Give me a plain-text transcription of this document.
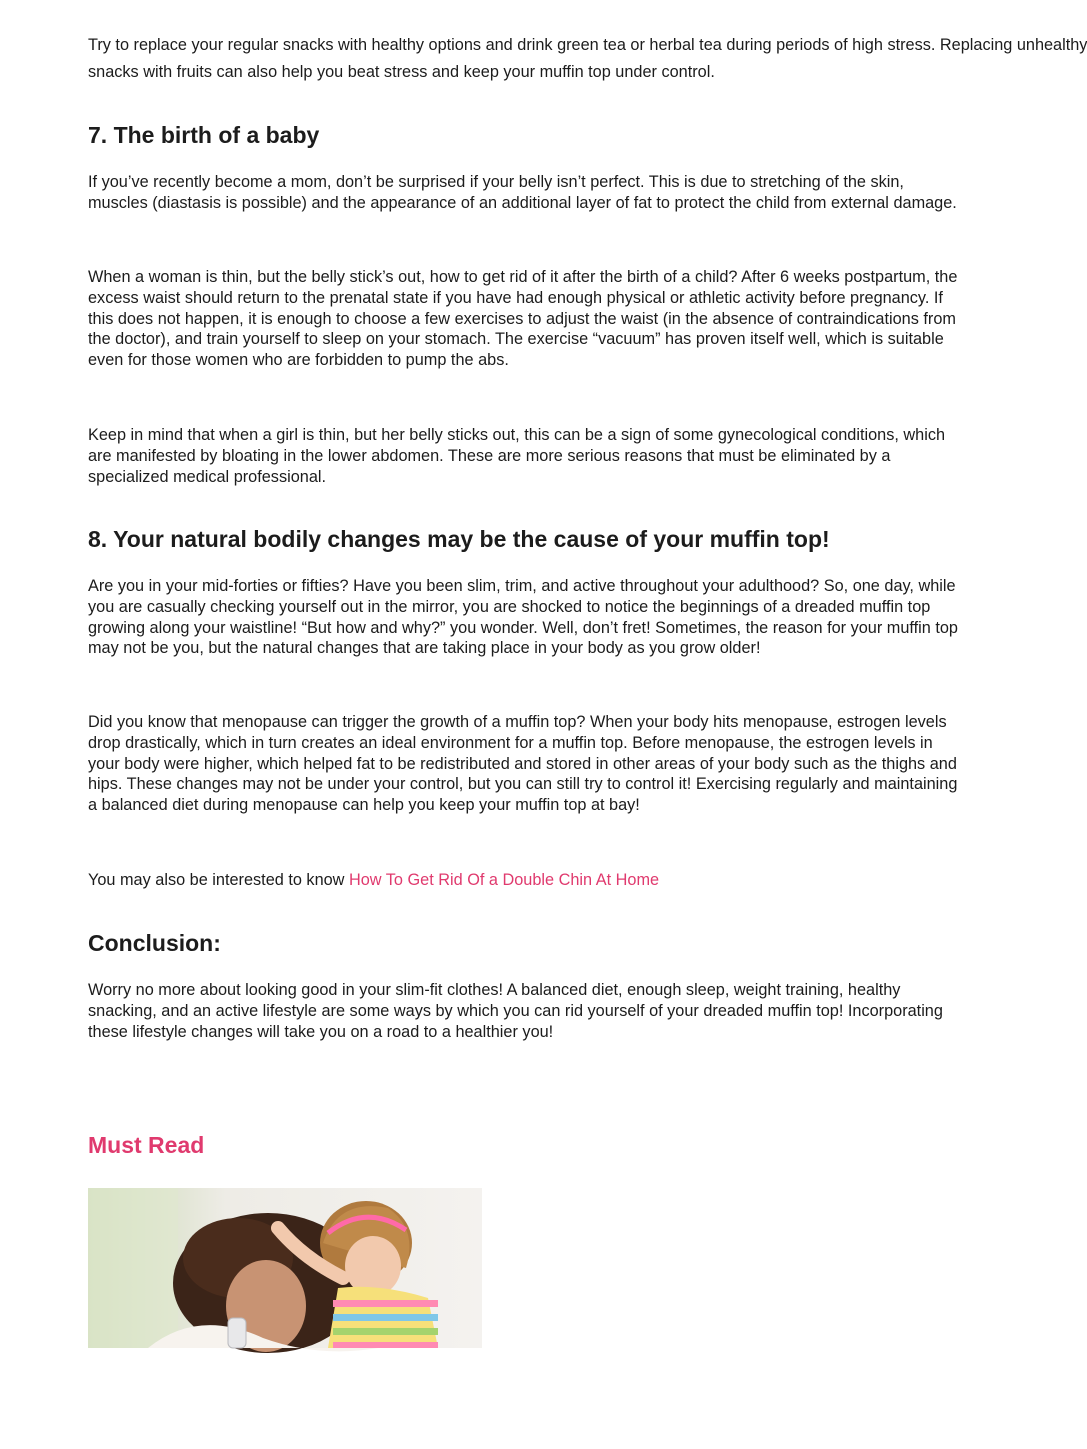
Try to replace your regular snacks with healthy options and drink green tea or herbal tea during periods of high stress. Replacing unhealthy

snacks with fruits can also help you beat stress and keep your muffin top under control.

7. The birth of a baby

If you’ve recently become a mom, don’t be surprised if your belly isn’t perfect. This is due to stretching of the skin, muscles (diastasis is possible) and the appearance of an additional layer of fat to protect the child from external damage.

When a woman is thin, but the belly stick’s out, how to get rid of it after the birth of a child? After 6 weeks postpartum, the excess waist should return to the prenatal state if you have had enough physical or athletic activity before pregnancy. If this does not happen, it is enough to choose a few exercises to adjust the waist (in the absence of contraindications from the doctor), and train yourself to sleep on your stomach. The exercise “vacuum” has proven itself well, which is suitable even for those women who are forbidden to pump the abs.

Keep in mind that when a girl is thin, but her belly sticks out, this can be a sign of some gynecological conditions, which are manifested by bloating in the lower abdomen. These are more serious reasons that must be eliminated by a specialized medical professional.

8. Your natural bodily changes may be the cause of your muffin top!

Are you in your mid-forties or fifties? Have you been slim, trim, and active throughout your adulthood? So, one day, while you are casually checking yourself out in the mirror, you are shocked to notice the beginnings of a dreaded muffin top growing along your waistline! “But how and why?” you wonder. Well, don’t fret! Sometimes, the reason for your muffin top may not be you, but the natural changes that are taking place in your body as you grow older!

Did you know that menopause can trigger the growth of a muffin top? When your body hits menopause, estrogen levels drop drastically, which in turn creates an ideal environment for a muffin top. Before menopause, the estrogen levels in your body were higher, which helped fat to be redistributed and stored in other areas of your body such as the thighs and hips. These changes may not be under your control, but you can still try to control it! Exercising regularly and maintaining a balanced diet during menopause can help you keep your muffin top at bay!

You may also be interested to know How To Get Rid Of a Double Chin At Home

Conclusion:

Worry no more about looking good in your slim-fit clothes! A balanced diet, enough sleep, weight training, healthy snacking, and an active lifestyle are some ways by which you can rid yourself of your dreaded muffin top! Incorporating these lifestyle changes will take you on a road to a healthier you!

Must Read
